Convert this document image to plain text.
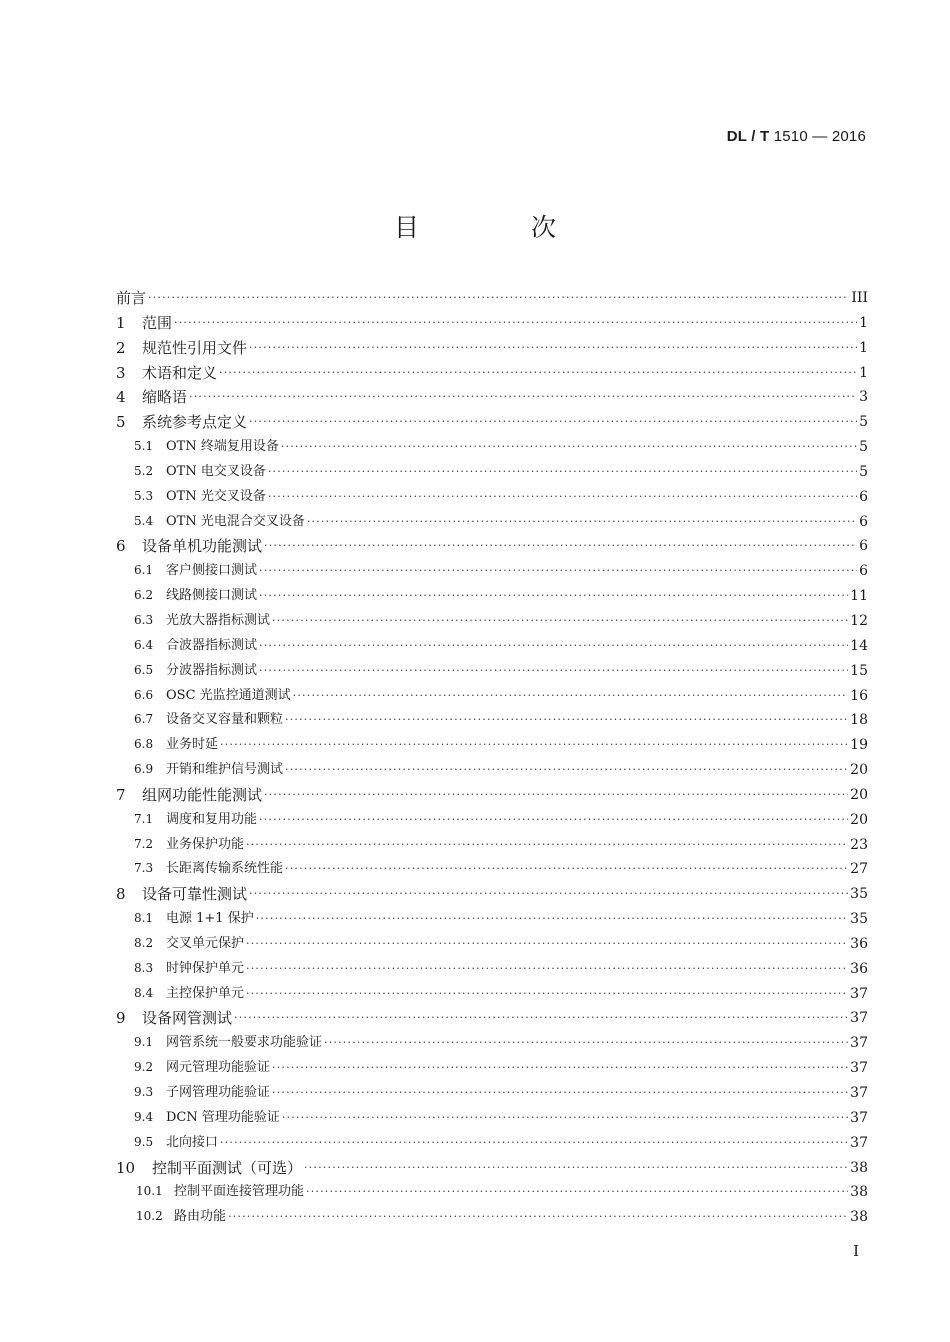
DL / T 1510 — 2016
目 次
前言 ·····	III
1	范围 ·····	1
2	规范性引用文件 ·····	1
3	术语和定义 ·····	1
4	缩略语 ·····	3
5	系统参考点定义 ·····	5
5.1 OTN 终端复用设备 ·····	5
5.2 OTN 电交叉设备 ·····	5
5.3 OTN 光交叉设备 ·····	6
5.4 OTN 光电混合交叉设备 ·····	6
6	设备单机功能测试 ·····	6
6.1 客户侧接口测试 ·····	6
6.2 线路侧接口测试 ·····	11
6.3 光放大器指标测试 ·····	12
6.4 合波器指标测试 ·····	14
6.5 分波器指标测试 ·····	15
6.6 OSC 光监控通道测试 ·····	16
6.7 设备交叉容量和颗粒 ·····	18
6.8 业务时延 ·····	19
6.9 开销和维护信号测试 ·····	20
7	组网功能性能测试 ·····	20
7.1 调度和复用功能 ·····	20
7.2 业务保护功能 ·····	23
7.3 长距离传输系统性能 ·····	27
8	设备可靠性测试 ·····	35
8.1 电源 1+1 保护 ·····	35
8.2 交叉单元保护 ·····	36
8.3 时钟保护单元 ·····	36
8.4 主控保护单元 ·····	37
9	设备网管测试 ·····	37
9.1 网管系统一般要求功能验证 ·····	37
9.2 网元管理功能验证 ·····	37
9.3 子网管理功能验证 ·····	37
9.4 DCN 管理功能验证 ·····	37
9.5 北向接口 ·····	37
10	控制平面测试（可选） ·····	38
10.1 控制平面连接管理功能 ·····	38
10.2 路由功能 ·····	38
I
